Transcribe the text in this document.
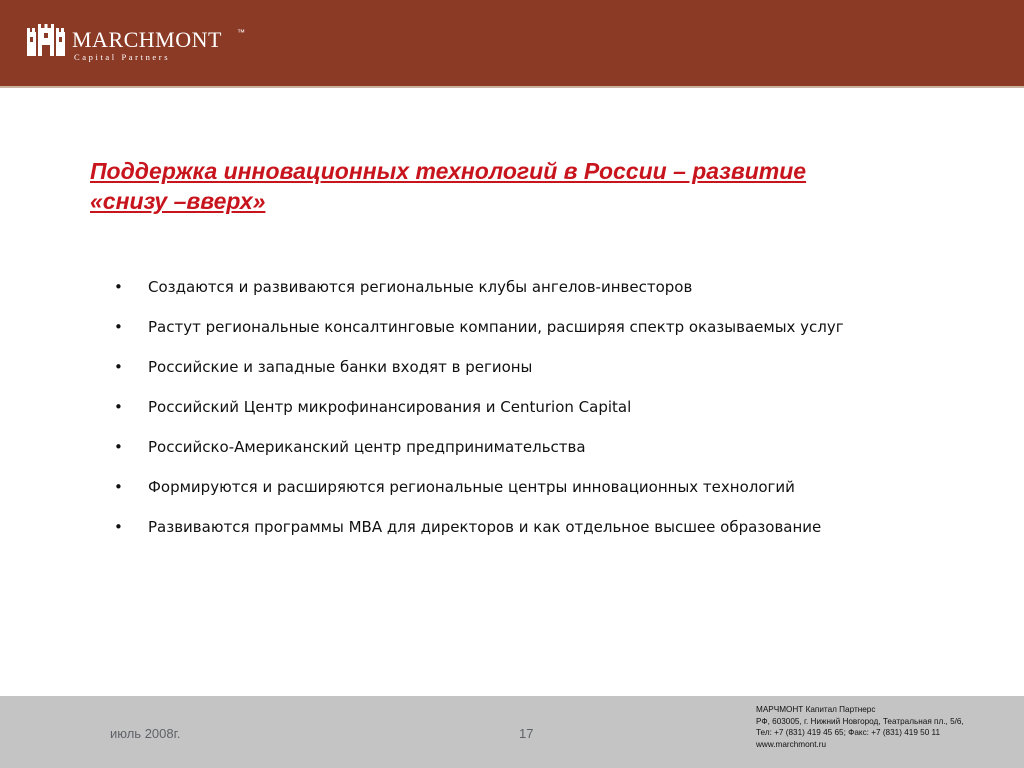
MARCHMONT ™
Capital Partners
Поддержка инновационных технологий в России – развитие
«снизу –вверх»
• Создаются и развиваются региональные клубы ангелов-инвесторов
• Растут региональные консалтинговые компании, расширяя спектр оказываемых услуг
• Российские и западные банки входят в регионы
• Российский Центр микрофинансирования и Centurion Capital
• Российско-Американский центр предпринимательства
• Формируются и расширяются региональные центры инновационных технологий
• Развиваются программы MBA для директоров и как отдельное высшее образование
июль 2008г.	17
МАРЧМОНТ Капитал Партнерс
РФ, 603005, г. Нижний Новгород, Театральная пл., 5/6,
Тел: +7 (831) 419 45 65; Факс: +7 (831) 419 50 11
www.marchmont.ru
